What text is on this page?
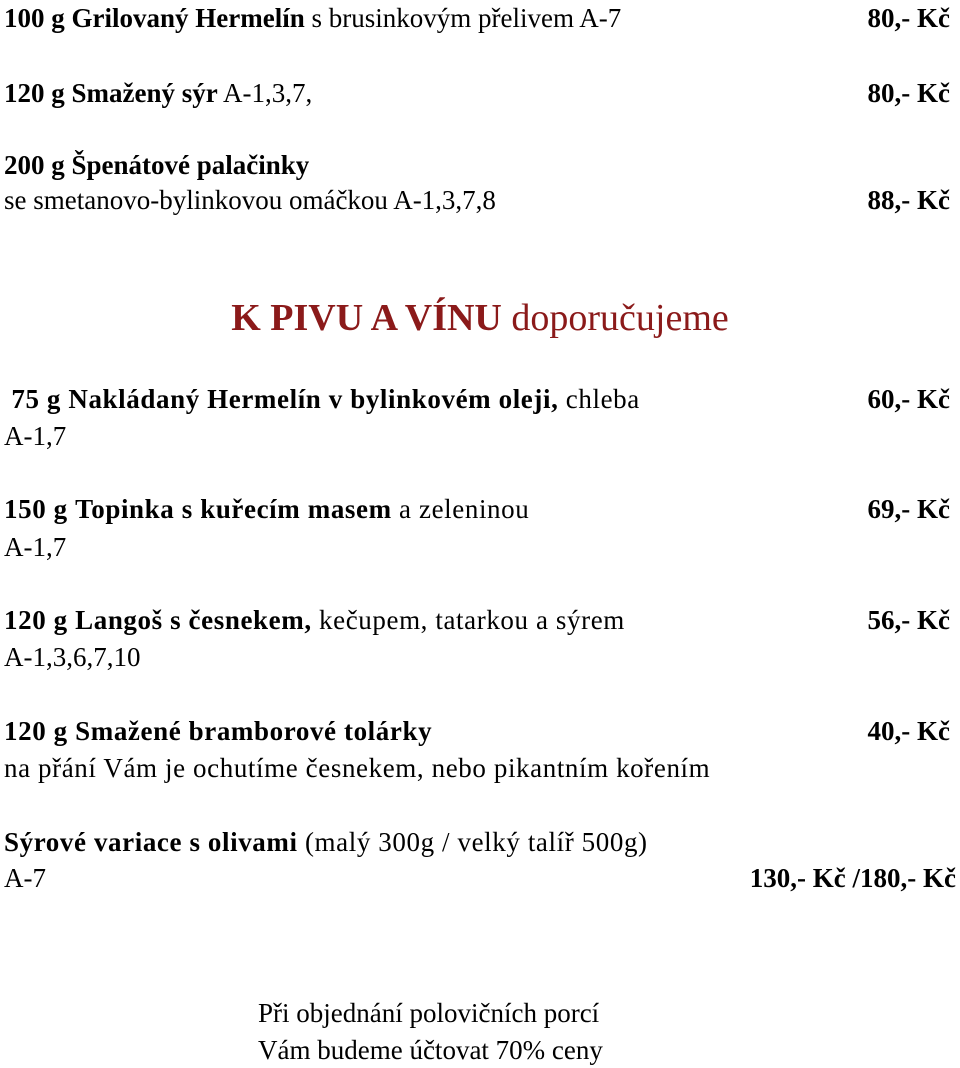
100 g Grilovaný Hermelín s brusinkovým přelivem A-7	80,- Kč
120 g Smažený sýr A-1,3,7,	80,- Kč
200 g Špenátové palačinky
se smetanovo-bylinkovou omáčkou A-1,3,7,8	88,- Kč
K PIVU A VÍNU doporučujeme
75 g Nakládaný Hermelín v bylinkovém oleji, chleba	60,- Kč
A-1,7
150 g Topinka s kuřecím masem a zeleninou	69,- Kč
A-1,7
120 g Langoš s česnekem, kečupem, tatarkou a sýrem	56,- Kč
A-1,3,6,7,10
120 g Smažené bramborové tolárky	40,- Kč
na přání Vám je ochutíme česnekem, nebo pikantním kořením
Sýrové variace s olivami (malý 300g / velký talíř 500g)
A-7	130,- Kč /180,- Kč
Při objednání polovičních porcí
Vám budeme účtovat 70% ceny
